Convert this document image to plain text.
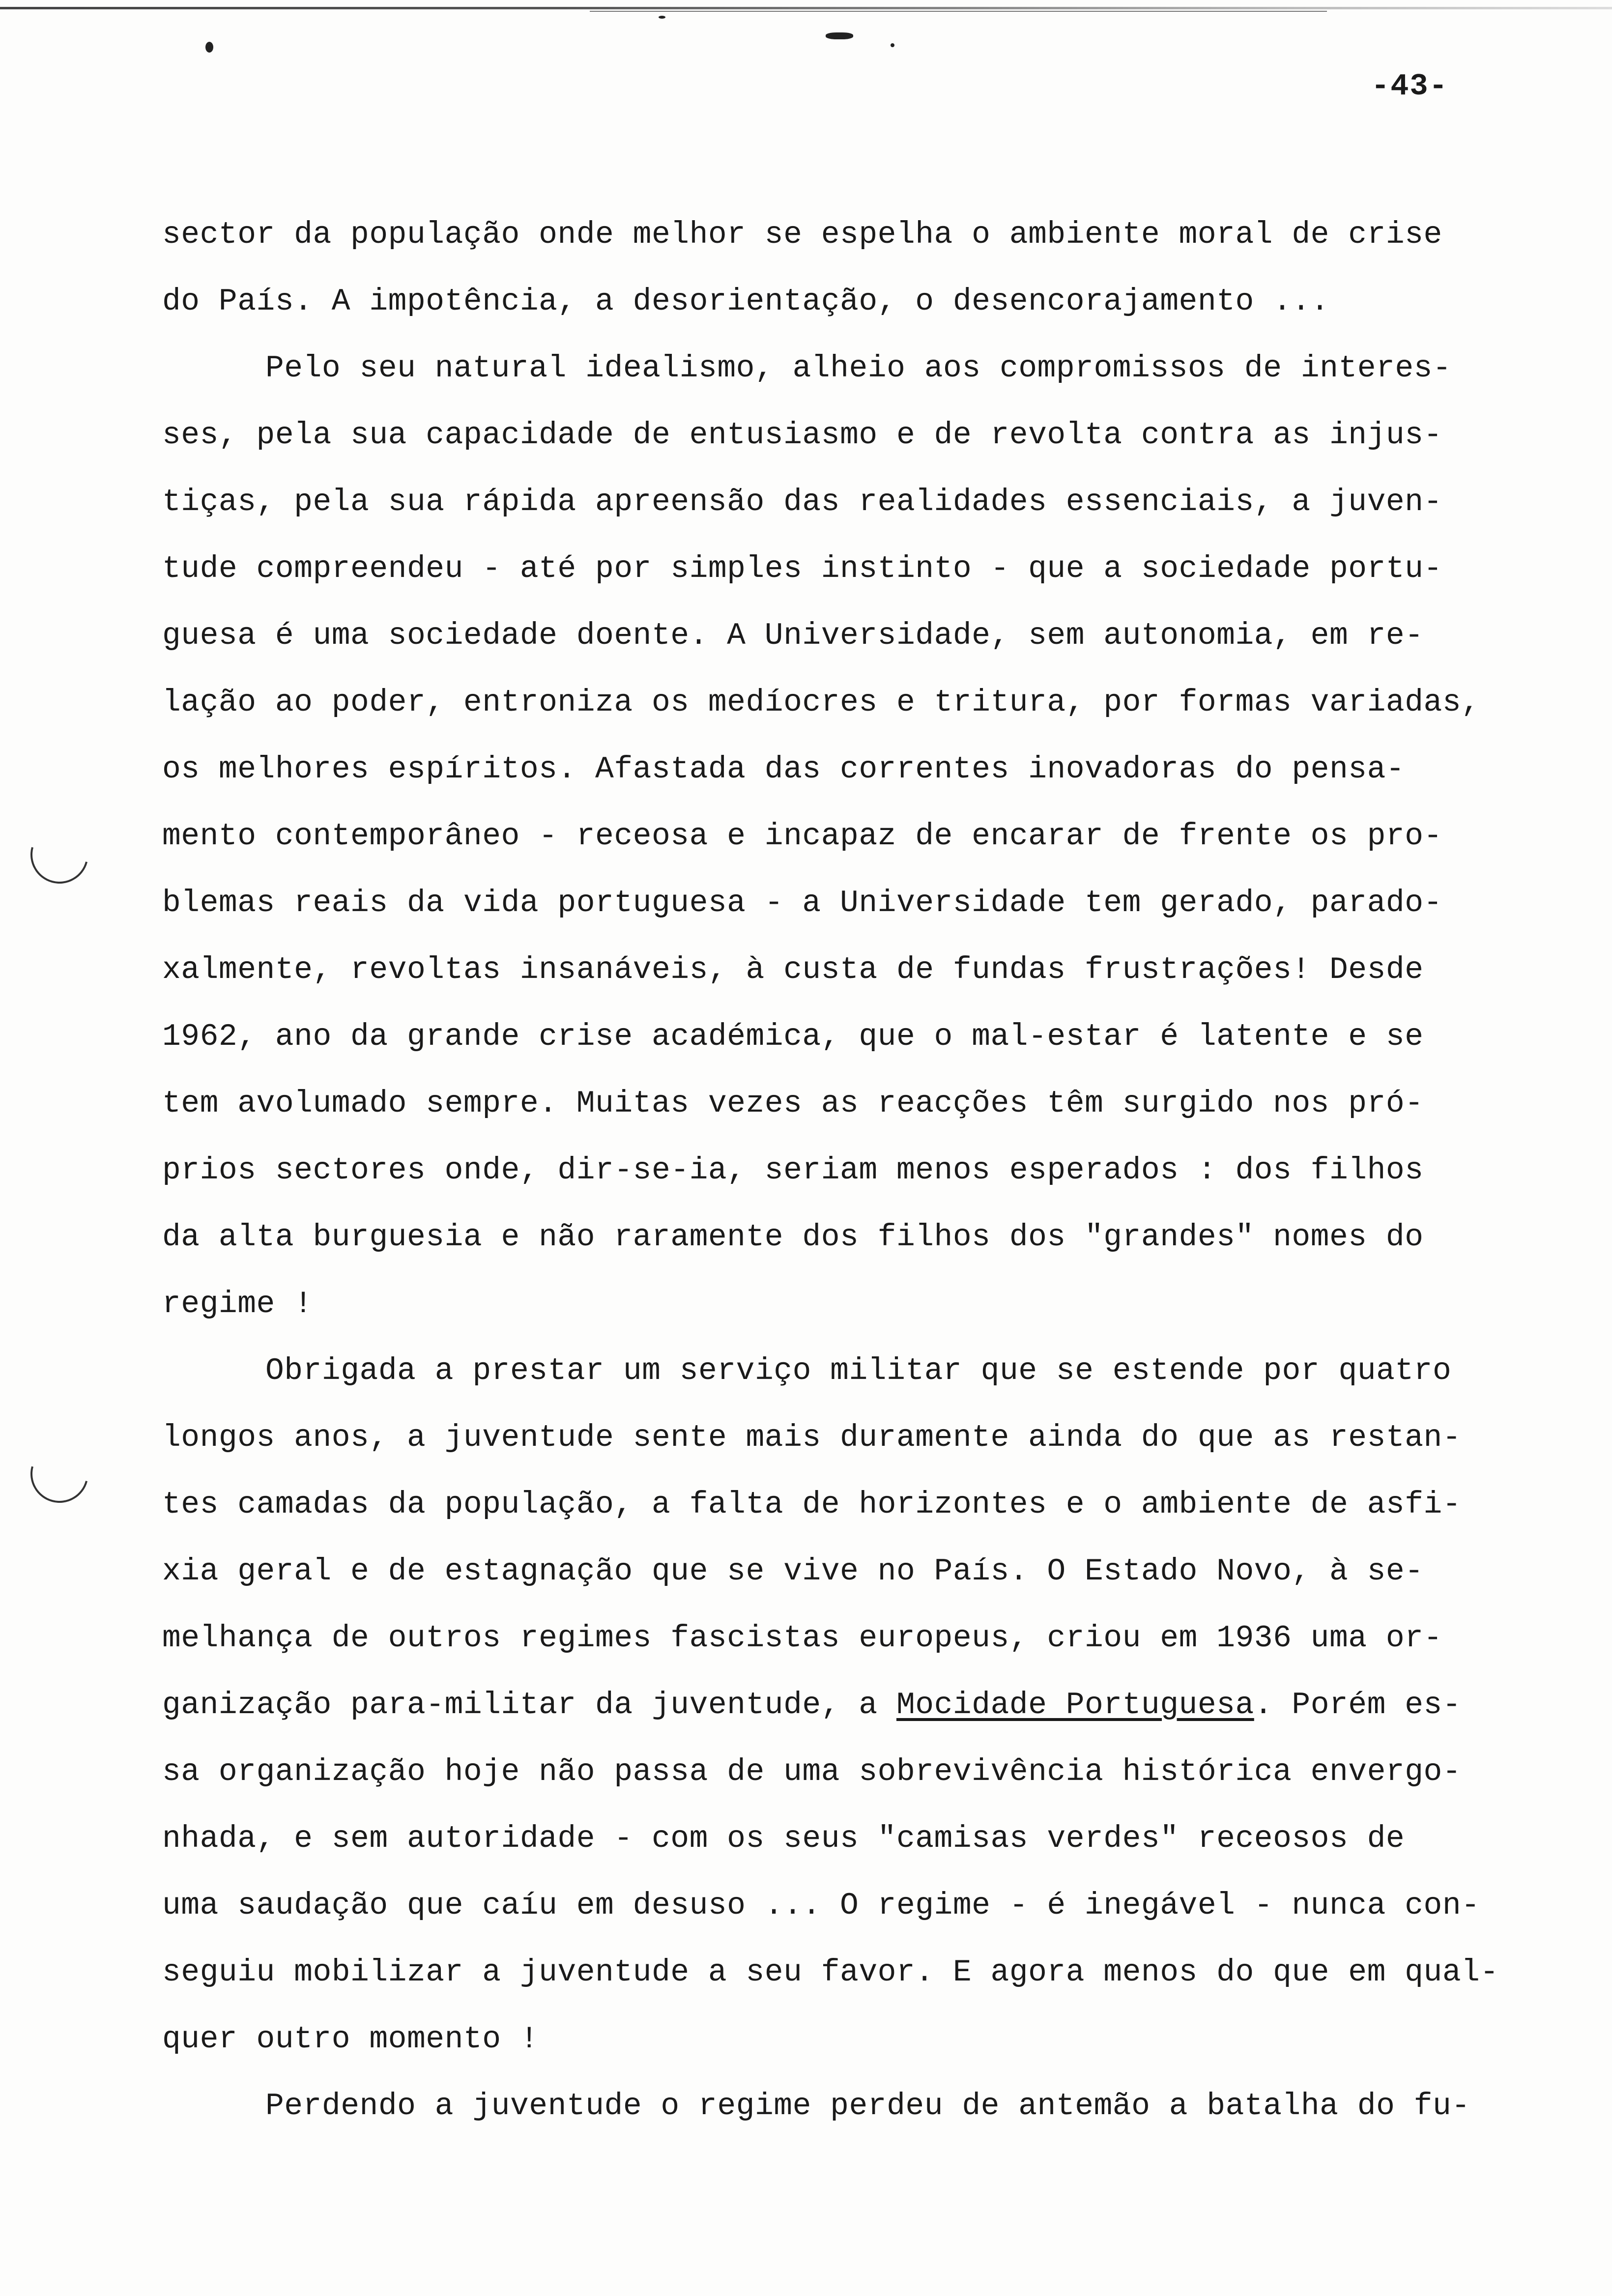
-43-
sector da população onde melhor se espelha o ambiente moral de crise
do País. A impotência, a desorientação, o desencorajamento ...
Pelo seu natural idealismo, alheio aos compromissos de interes-
ses, pela sua capacidade de entusiasmo e de revolta contra as injus-
tiças, pela sua rápida apreensão das realidades essenciais, a juven-
tude compreendeu - até por simples instinto - que a sociedade portu-
guesa é uma sociedade doente. A Universidade, sem autonomia, em re-
lação ao poder, entroniza os medíocres e tritura, por formas variadas,
os melhores espíritos. Afastada das correntes inovadoras do pensa-
mento contemporâneo - receosa e incapaz de encarar de frente os pro-
blemas reais da vida portuguesa - a Universidade tem gerado, parado-
xalmente, revoltas insanáveis, à custa de fundas frustrações! Desde
1962, ano da grande crise académica, que o mal-estar é latente e se
tem avolumado sempre. Muitas vezes as reacções têm surgido nos pró-
prios sectores onde, dir-se-ia, seriam menos esperados : dos filhos
da alta burguesia e não raramente dos filhos dos "grandes" nomes do
regime !
Obrigada a prestar um serviço militar que se estende por quatro
longos anos, a juventude sente mais duramente ainda do que as restan-
tes camadas da população, a falta de horizontes e o ambiente de asfi-
xia geral e de estagnação que se vive no País. O Estado Novo, à se-
melhança de outros regimes fascistas europeus, criou em 1936 uma or-
ganização para-militar da juventude, a Mocidade Portuguesa. Porém es-
sa organização hoje não passa de uma sobrevivência histórica envergo-
nhada, e sem autoridade - com os seus "camisas verdes" receosos de
uma saudação que caíu em desuso ... O regime - é inegável - nunca con-
seguiu mobilizar a juventude a seu favor. E agora menos do que em qual-
quer outro momento !
Perdendo a juventude o regime perdeu de antemão a batalha do fu-
